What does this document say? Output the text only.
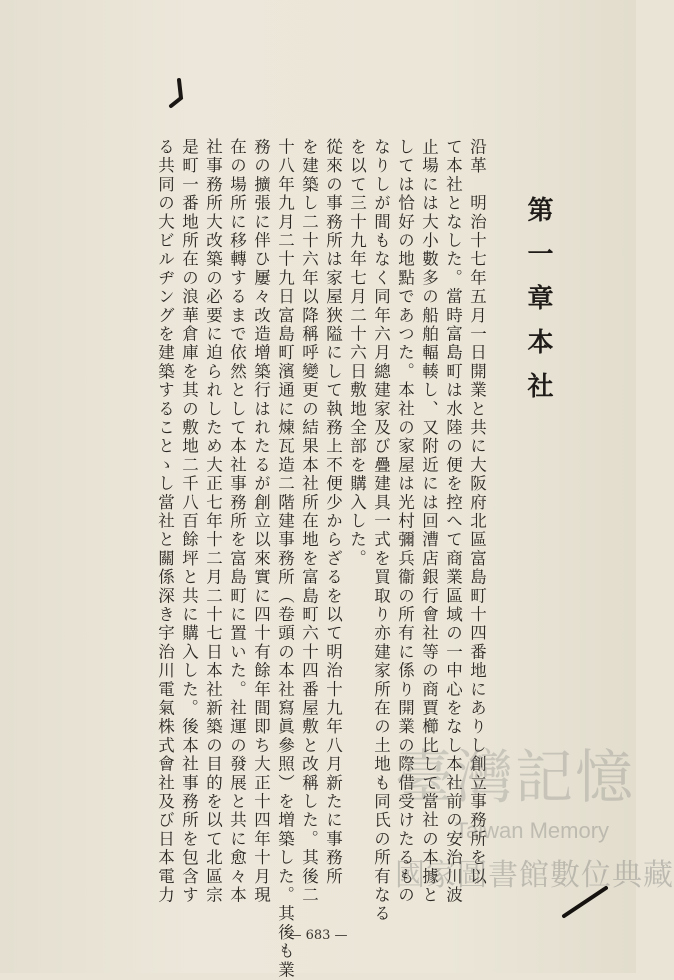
第一章本社
沿革　明治十七年五月一日開業と共に大阪府北區富島町十四番地にありし創立事務所を以
て本社となした。當時富島町は水陸の便を控へて商業區域の一中心をなし本社前の安治川波
止場には大小數多の船舶輻輳し、又附近には回漕店銀行會社等の商賈櫛比して當社の本據と
しては恰好の地點であつた。本社の家屋は光村彌兵衞の所有に係り開業の際借受けたるもの
なりしが間もなく同年六月總建家及び疊建具一式を買取り亦建家所在の土地も同氏の所有なる
を以て三十九年七月二十六日敷地全部を購入した。
從來の事務所は家屋狹隘にして執務上不便少からざるを以て明治十九年八月新たに事務所
を建築し二十六年以降稱呼變更の結果本社所在地を富島町六十四番屋敷と改稱した。其後二
十八年九月二十九日富島町濱通に煉瓦造二階建事務所（卷頭の本社寫眞參照）を増築した。其後も業
務の擴張に伴ひ屢々改造增築行はれたるが創立以來實に四十有餘年間即ち大正十四年十月現
在の場所に移轉するまで依然として本社事務所を富島町に置いた。社運の發展と共に愈々本
社事務所大改築の必要に迫られしため大正七年十二月二十七日本社新築の目的を以て北區宗
是町一番地所在の浪華倉庫を其の敷地二千八百餘坪と共に購入した。後本社事務所を包含す
る共同の大ビルヂングを建築することゝし當社と關係深き宇治川電氣株式會社及び日本電力	臺灣記憶
Taiwan Memory
國家圖書館數位典藏
— 683 —
